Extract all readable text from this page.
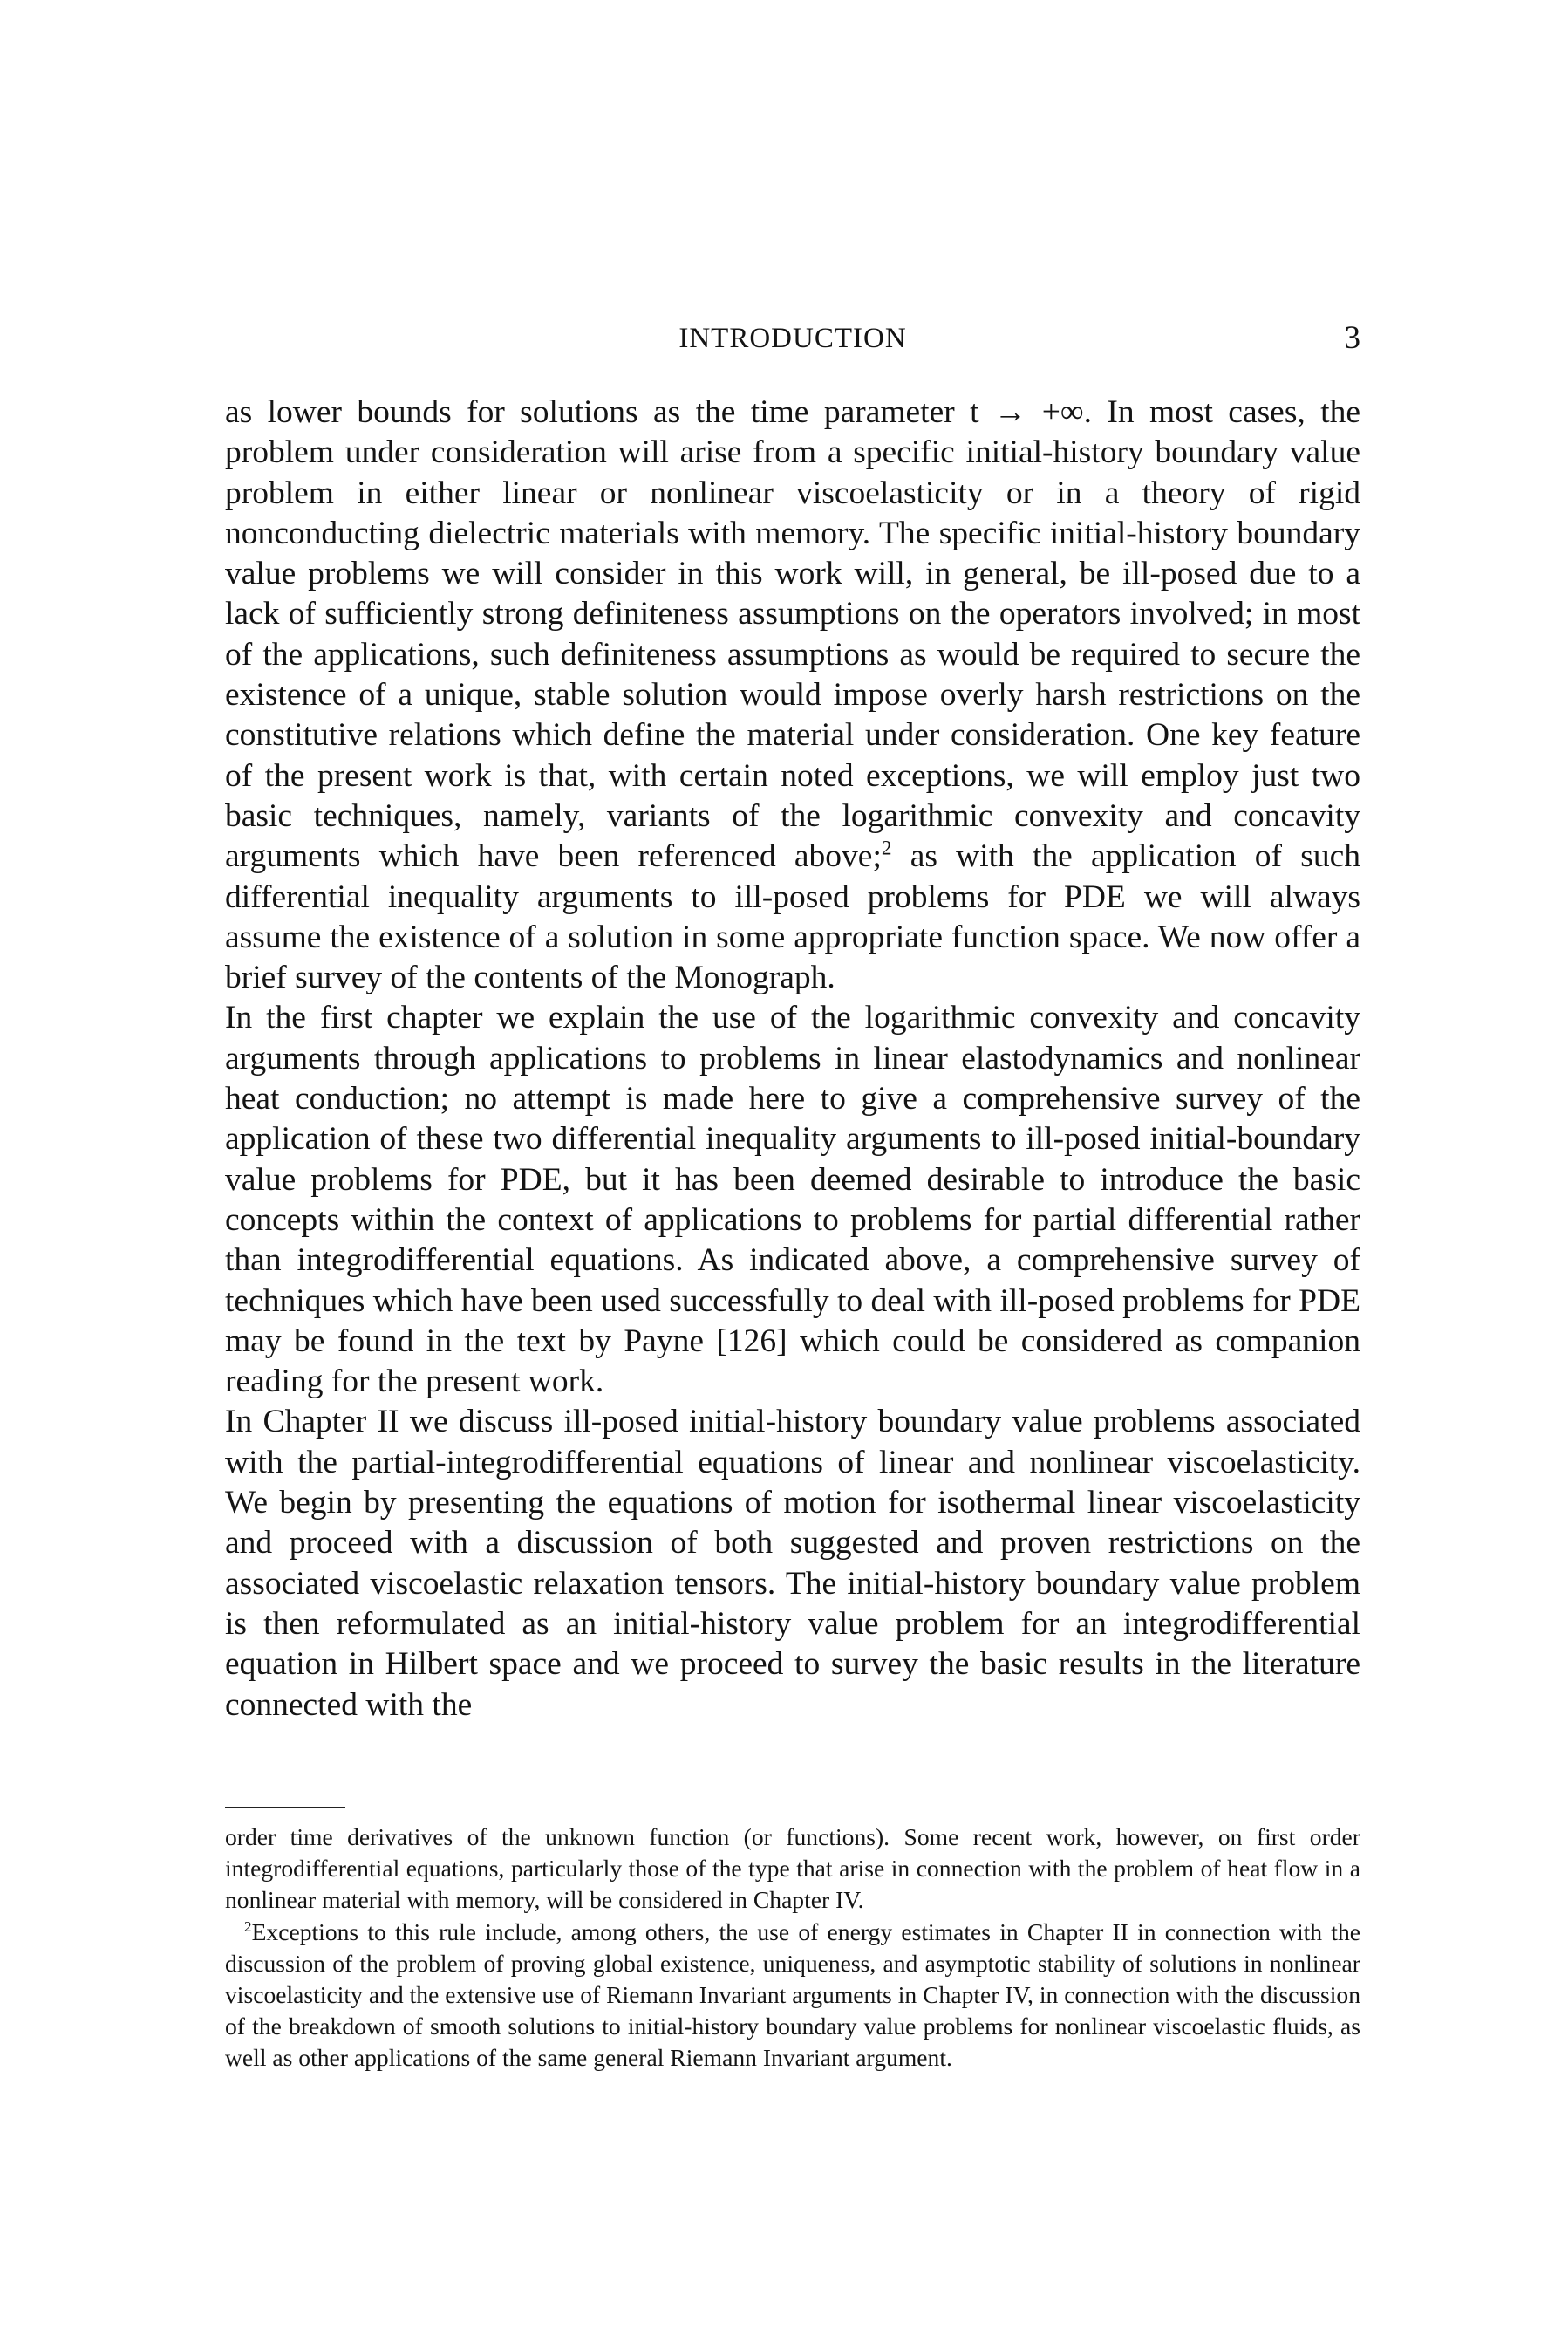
INTRODUCTION	3

as lower bounds for solutions as the time parameter t → +∞. In most cases, the problem under consideration will arise from a specific initial-history boundary value problem in either linear or nonlinear viscoelasticity or in a theory of rigid nonconducting dielectric materials with memory. The specific initial-history boundary value problems we will consider in this work will, in general, be ill-posed due to a lack of sufficiently strong definiteness assumptions on the operators involved; in most of the applications, such definiteness assumptions as would be required to secure the existence of a unique, stable solution would impose overly harsh restrictions on the constitutive relations which define the material under consideration. One key feature of the present work is that, with certain noted exceptions, we will employ just two basic techniques, namely, variants of the logarithmic convexity and concavity arguments which have been referenced above;$^2$ as with the application of such differential inequality arguments to ill-posed problems for PDE we will always assume the existence of a solution in some appropriate function space. We now offer a brief survey of the contents of the Monograph.

In the first chapter we explain the use of the logarithmic convexity and concavity arguments through applications to problems in linear elastodynamics and nonlinear heat conduction; no attempt is made here to give a comprehensive survey of the application of these two differential inequality arguments to ill-posed initial-boundary value problems for PDE, but it has been deemed desirable to introduce the basic concepts within the context of applications to problems for partial differential rather than integrodifferential equations. As indicated above, a comprehensive survey of techniques which have been used successfully to deal with ill-posed problems for PDE may be found in the text by Payne [126] which could be considered as companion reading for the present work.

In Chapter II we discuss ill-posed initial-history boundary value problems associated with the partial-integrodifferential equations of linear and nonlinear viscoelasticity. We begin by presenting the equations of motion for isothermal linear viscoelasticity and proceed with a discussion of both suggested and proven restrictions on the associated viscoelastic relaxation tensors. The initial-history boundary value problem is then reformulated as an initial-history value problem for an integrodifferential equation in Hilbert space and we proceed to survey the basic results in the literature connected with the

order time derivatives of the unknown function (or functions). Some recent work, however, on first order integrodifferential equations, particularly those of the type that arise in connection with the problem of heat flow in a nonlinear material with memory, will be considered in Chapter IV.

$^2$Exceptions to this rule include, among others, the use of energy estimates in Chapter II in connection with the discussion of the problem of proving global existence, uniqueness, and asymptotic stability of solutions in nonlinear viscoelasticity and the extensive use of Riemann Invariant arguments in Chapter IV, in connection with the discussion of the breakdown of smooth solutions to initial-history boundary value problems for nonlinear viscoelastic fluids, as well as other applications of the same general Riemann Invariant argument.
